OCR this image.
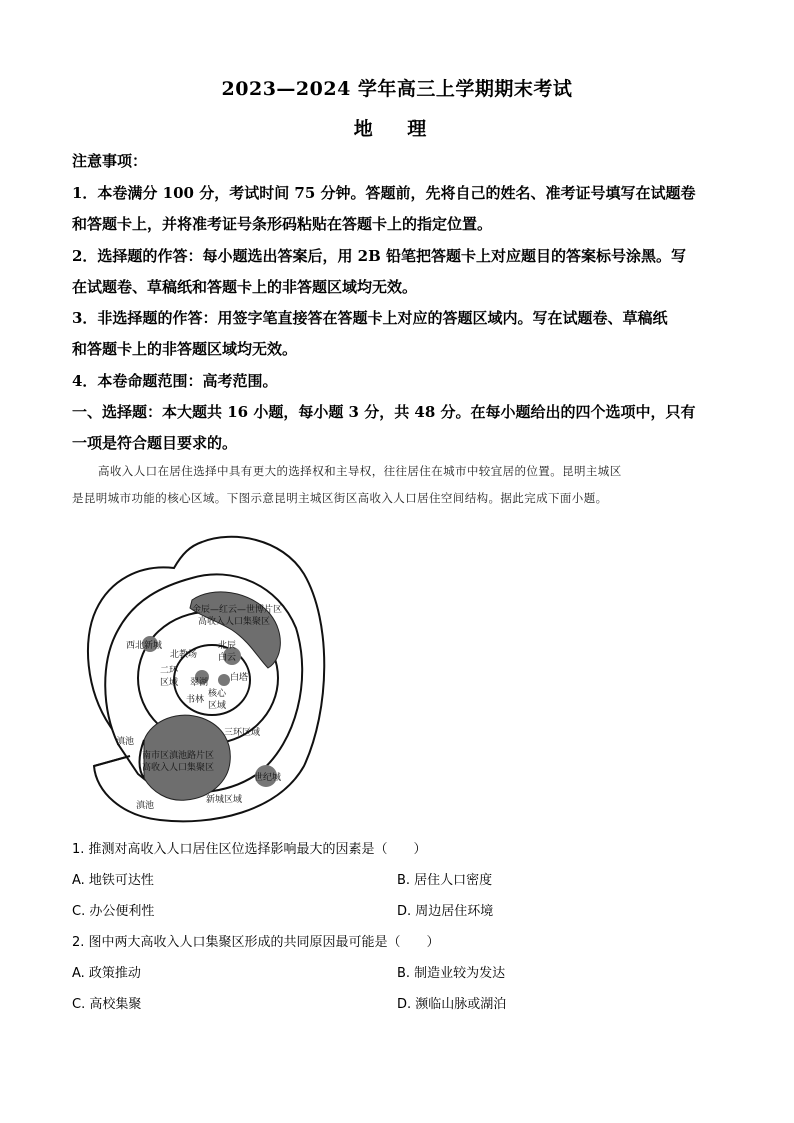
2023—2024 学年高三上学期期末考试
地 理
注意事项：
1．本卷满分 100 分，考试时间 75 分钟。答题前，先将自己的姓名、准考证号填写在试题卷
和答题卡上，并将准考证号条形码粘贴在答题卡上的指定位置。
2．选择题的作答：每小题选出答案后，用 2B 铅笔把答题卡上对应题目的答案标号涂黑。写
在试题卷、草稿纸和答题卡上的非答题区域均无效。
3．非选择题的作答：用签字笔直接答在答题卡上对应的答题区域内。写在试题卷、草稿纸
和答题卡上的非答题区域均无效。
4．本卷命题范围：高考范围。
一、选择题：本大题共 16 小题，每小题 3 分，共 48 分。在每小题给出的四个选项中，只有
一项是符合题目要求的。
高收入人口在居住选择中具有更大的选择权和主导权，往往居住在城市中较宜居的位置。昆明主城区
是昆明城市功能的核心区域。下图示意昆明主城区街区高收入人口居住空间结构。据此完成下面小题。
金辰—红云—世博片区
高收入人口集聚区
西北新城	北辰
白云
北教场
二环
区域 翠湖 白塔
核心
区域
书林
三环区域
滇池
南市区滇池路片区
高收入人口集聚区
世纪城
滇池
新城区域
1. 推测对高收入人口居住区位选择影响最大的因素是（　　）
A. 地铁可达性	B. 居住人口密度
C. 办公便利性	D. 周边居住环境
2. 图中两大高收入人口集聚区形成的共同原因最可能是（　　）
A. 政策推动	B. 制造业较为发达
C. 高校集聚	D. 濒临山脉或湖泊
